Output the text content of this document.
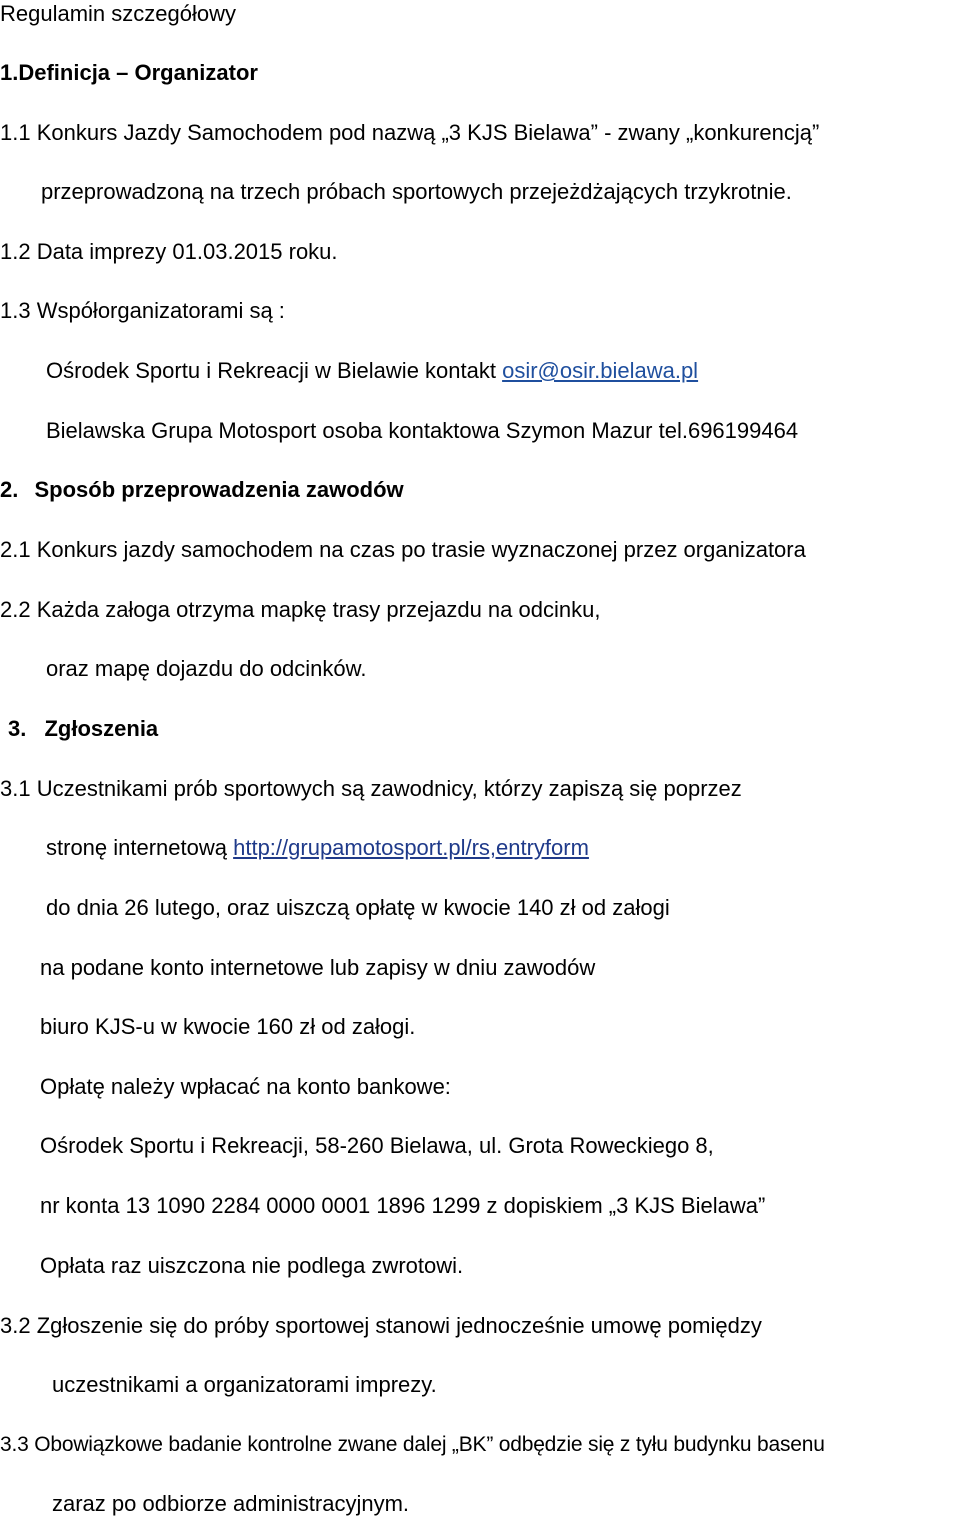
Regulamin szczegółowy
1.Definicja – Organizator
1.1 Konkurs Jazdy Samochodem pod nazwą „3 KJS Bielawa” - zwany „konkurencją”
przeprowadzoną na trzech próbach sportowych przejeżdżających trzykrotnie.
1.2 Data imprezy 01.03.2015 roku.
1.3 Współorganizatorami są :
Ośrodek Sportu i Rekreacji w Bielawie kontakt osir@osir.bielawa.pl
Bielawska Grupa Motosport osoba kontaktowa Szymon Mazur tel.696199464
2. Sposób przeprowadzenia zawodów
2.1 Konkurs jazdy samochodem na czas po trasie wyznaczonej przez organizatora
2.2 Każda załoga otrzyma mapkę trasy przejazdu na odcinku,
oraz mapę dojazdu do odcinków.
3. Zgłoszenia
3.1 Uczestnikami prób sportowych są zawodnicy, którzy zapiszą się poprzez
stronę internetową http://grupamotosport.pl/rs,entryform
do dnia 26 lutego, oraz uiszczą opłatę w kwocie 140 zł od załogi
na podane konto internetowe lub zapisy w dniu zawodów
biuro KJS-u w kwocie 160 zł od załogi.
Opłatę należy wpłacać na konto bankowe:
Ośrodek Sportu i Rekreacji, 58-260 Bielawa, ul. Grota Roweckiego 8,
nr konta 13 1090 2284 0000 0001 1896 1299 z dopiskiem „3 KJS Bielawa”
Opłata raz uiszczona nie podlega zwrotowi.
3.2 Zgłoszenie się do próby sportowej stanowi jednocześnie umowę pomiędzy
uczestnikami a organizatorami imprezy.
3.3 Obowiązkowe badanie kontrolne zwane dalej „BK” odbędzie się z tyłu budynku basenu
zaraz po odbiorze administracyjnym.
